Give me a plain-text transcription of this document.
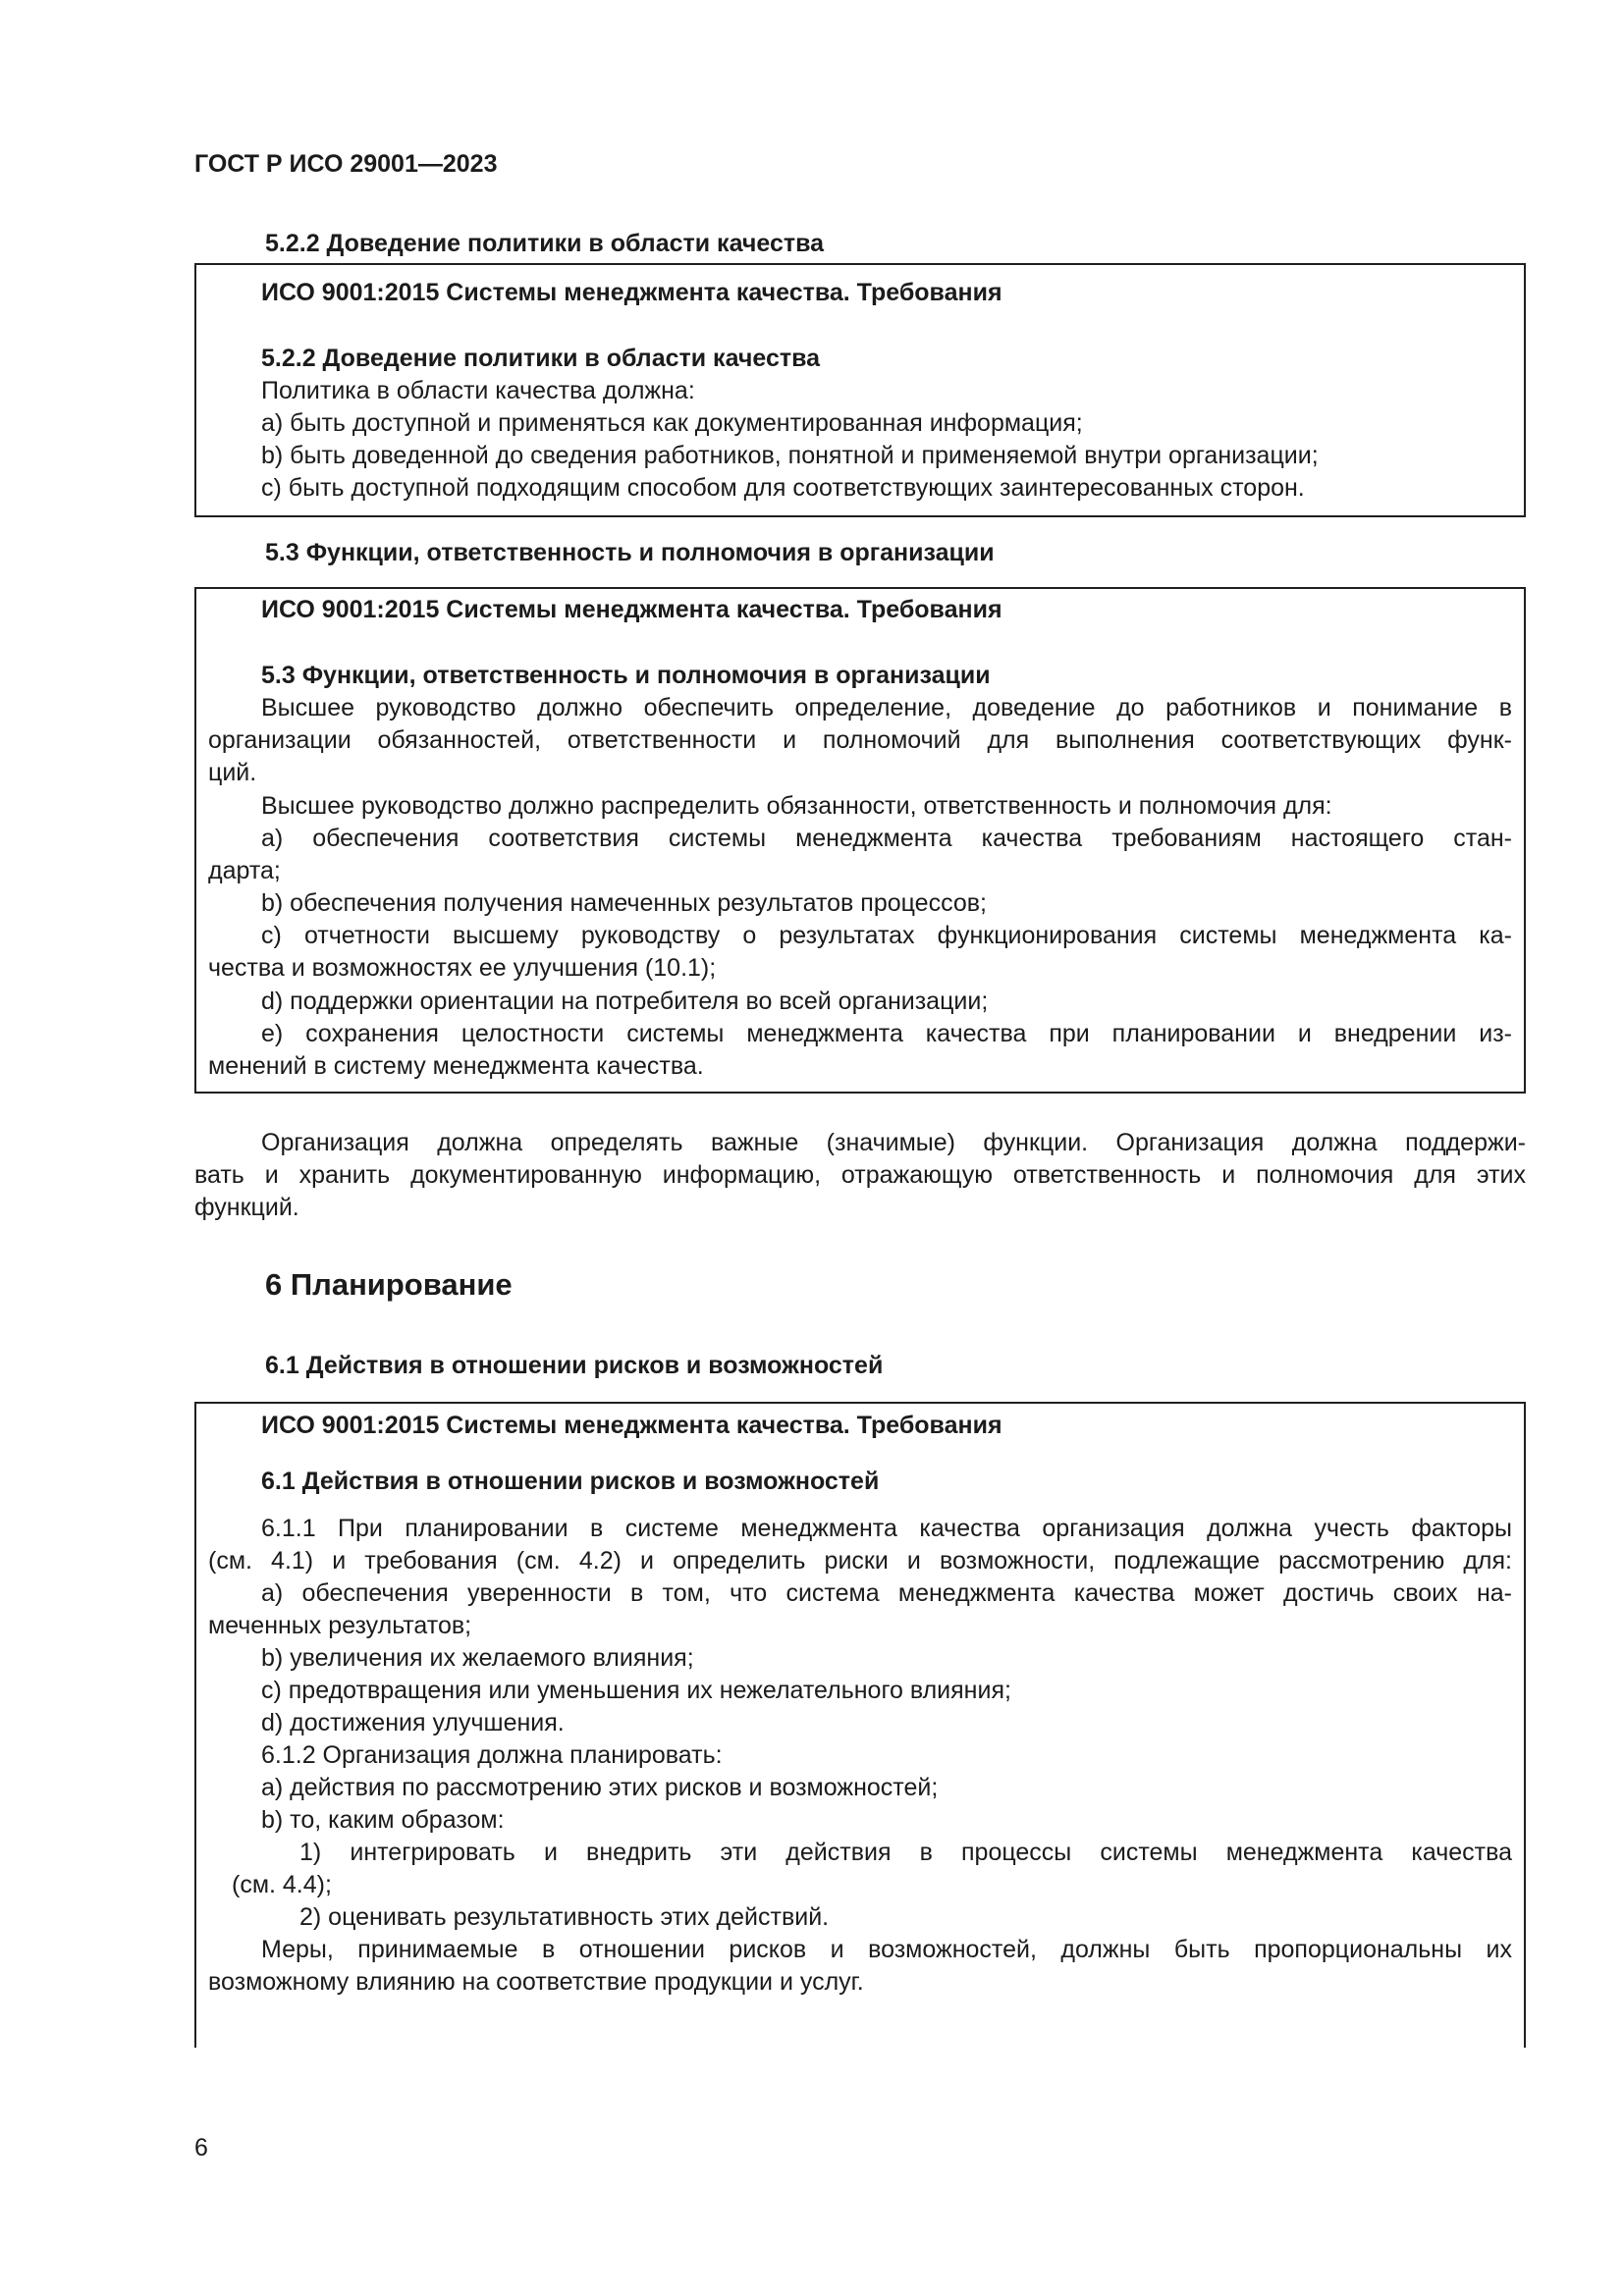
ГОСТ Р ИСО 29001—2023
5.2.2 Доведение политики в области качества
ИСО 9001:2015 Системы менеджмента качества. Требования
5.2.2 Доведение политики в области качества
Политика в области качества должна:
a) быть доступной и применяться как документированная информация;
b) быть доведенной до сведения работников, понятной и применяемой внутри организации;
c) быть доступной подходящим способом для соответствующих заинтересованных сторон.
5.3 Функции, ответственность и полномочия в организации
ИСО 9001:2015 Системы менеджмента качества. Требования
5.3 Функции, ответственность и полномочия в организации
Высшее руководство должно обеспечить определение, доведение до работников и понимание в
организации обязанностей, ответственности и полномочий для выполнения соответствующих функ-
ций.
Высшее руководство должно распределить обязанности, ответственность и полномочия для:
a) обеспечения соответствия системы менеджмента качества требованиям настоящего стан-
дарта;
b) обеспечения получения намеченных результатов процессов;
c) отчетности высшему руководству о результатах функционирования системы менеджмента ка-
чества и возможностях ее улучшения (10.1);
d) поддержки ориентации на потребителя во всей организации;
e) сохранения целостности системы менеджмента качества при планировании и внедрении из-
менений в систему менеджмента качества.
Организация должна определять важные (значимые) функции. Организация должна поддержи-
вать и хранить документированную информацию, отражающую ответственность и полномочия для этих
функций.
6 Планирование
6.1 Действия в отношении рисков и возможностей
ИСО 9001:2015 Системы менеджмента качества. Требования
6.1 Действия в отношении рисков и возможностей
6.1.1 При планировании в системе менеджмента качества организация должна учесть факторы
(см. 4.1) и требования (см. 4.2) и определить риски и возможности, подлежащие рассмотрению для:
a) обеспечения уверенности в том, что система менеджмента качества может достичь своих на-
меченных результатов;
b) увеличения их желаемого влияния;
c) предотвращения или уменьшения их нежелательного влияния;
d) достижения улучшения.
6.1.2 Организация должна планировать:
a) действия по рассмотрению этих рисков и возможностей;
b) то, каким образом:
1) интегрировать и внедрить эти действия в процессы системы менеджмента качества
(см. 4.4);
2) оценивать результативность этих действий.
Меры, принимаемые в отношении рисков и возможностей, должны быть пропорциональны их
возможному влиянию на соответствие продукции и услуг.
6
